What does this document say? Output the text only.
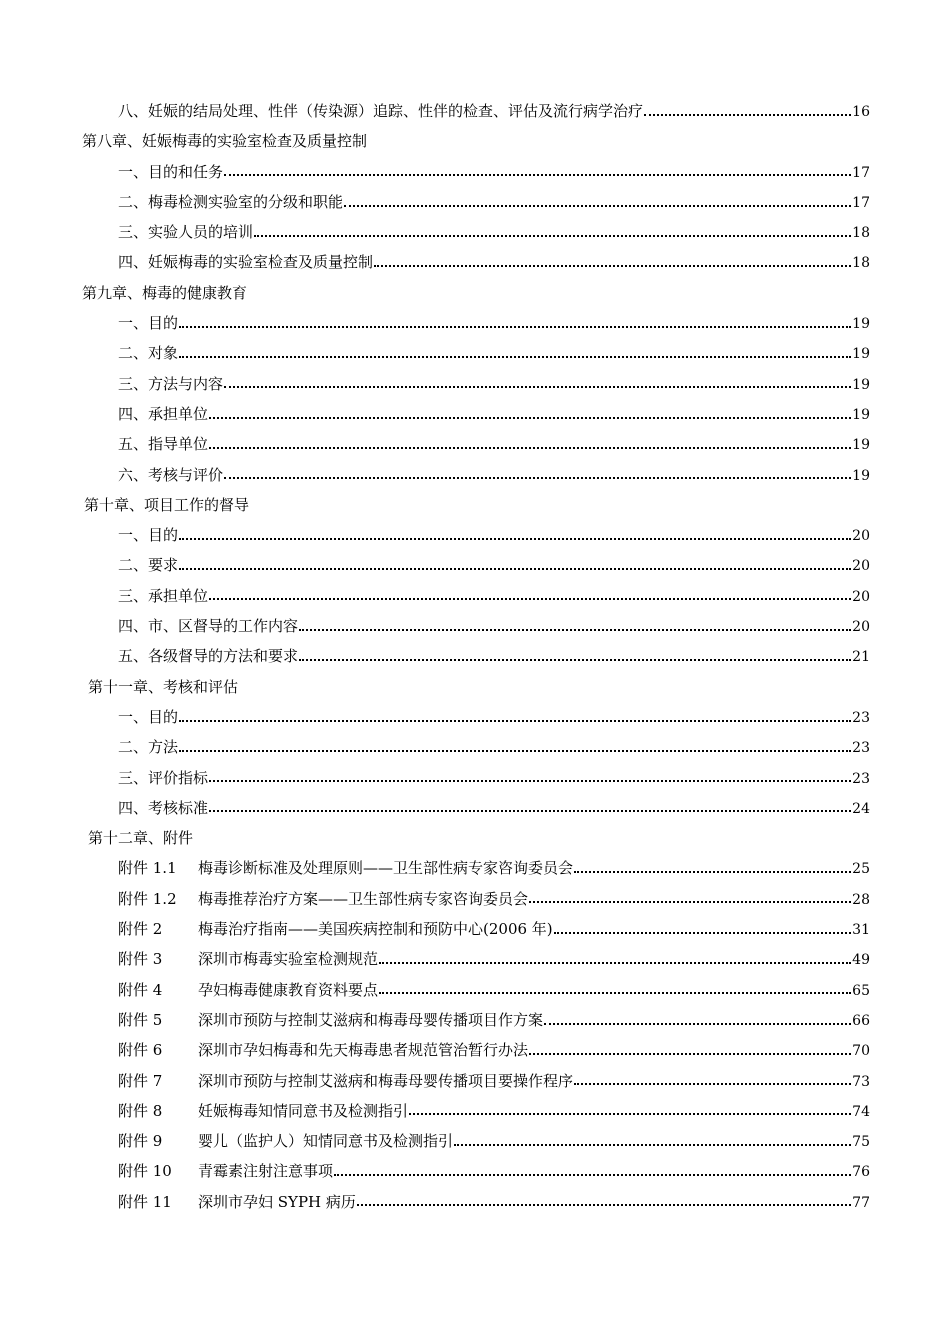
八、妊娠的结局处理、性伴（传染源）追踪、性伴的检查、评估及流行病学治疗	16
第八章、妊娠梅毒的实验室检查及质量控制
一、目的和任务	17
二、梅毒检测实验室的分级和职能	17
三、实验人员的培训	18
四、妊娠梅毒的实验室检查及质量控制	18
第九章、梅毒的健康教育
一、目的	19
二、对象	19
三、方法与内容	19
四、承担单位	19
五、指导单位	19
六、考核与评价	19
第十章、项目工作的督导
一、目的	20
二、要求	20
三、承担单位	20
四、市、区督导的工作内容	20
五、各级督导的方法和要求	21
第十一章、考核和评估
一、目的	23
二、方法	23
三、评价指标	23
四、考核标准	24
第十二章、附件
附件 1.1	梅毒诊断标准及处理原则——卫生部性病专家咨询委员会	25
附件 1.2	梅毒推荐治疗方案——卫生部性病专家咨询委员会	28
附件 2	梅毒治疗指南——美国疾病控制和预防中心(2006 年)	31
附件 3	深圳市梅毒实验室检测规范	49
附件 4	孕妇梅毒健康教育资料要点	65
附件 5	深圳市预防与控制艾滋病和梅毒母婴传播项目作方案	66
附件 6	深圳市孕妇梅毒和先天梅毒患者规范管治暂行办法	70
附件 7	深圳市预防与控制艾滋病和梅毒母婴传播项目要操作程序	73
附件 8	妊娠梅毒知情同意书及检测指引	74
附件 9	婴儿（监护人）知情同意书及检测指引	75
附件 10	青霉素注射注意事项	76
附件 11	深圳市孕妇 SYPH 病历	77
